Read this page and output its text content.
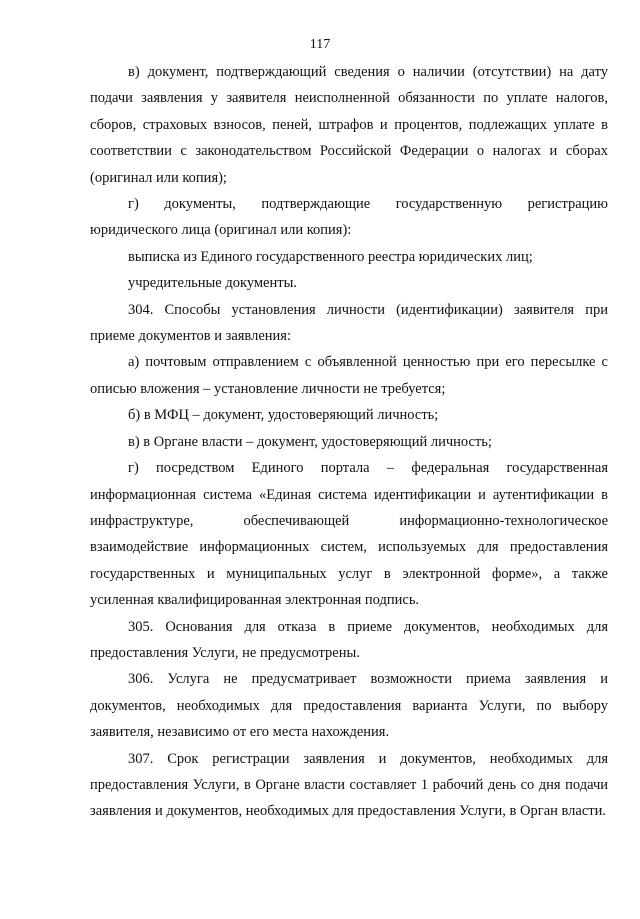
117

в) документ, подтверждающий сведения о наличии (отсутствии) на дату подачи заявления у заявителя неисполненной обязанности по уплате налогов, сборов, страховых взносов, пеней, штрафов и процентов, подлежащих уплате в соответствии с законодательством Российской Федерации о налогах и сборах (оригинал или копия);

г) документы, подтверждающие государственную регистрацию юридического лица (оригинал или копия):

выписка из Единого государственного реестра юридических лиц;

учредительные документы.

304. Способы установления личности (идентификации) заявителя при приеме документов и заявления:

а) почтовым отправлением с объявленной ценностью при его пересылке с описью вложения – установление личности не требуется;

б) в МФЦ – документ, удостоверяющий личность;

в) в Органе власти – документ, удостоверяющий личность;

г) посредством Единого портала – федеральная государственная информационная система «Единая система идентификации и аутентификации в инфраструктуре, обеспечивающей информационно-технологическое взаимодействие информационных систем, используемых для предоставления государственных и муниципальных услуг в электронной форме», а также усиленная квалифицированная электронная подпись.

305. Основания для отказа в приеме документов, необходимых для предоставления Услуги, не предусмотрены.

306. Услуга не предусматривает возможности приема заявления и документов, необходимых для предоставления варианта Услуги, по выбору заявителя, независимо от его места нахождения.

307. Срок регистрации заявления и документов, необходимых для предоставления Услуги, в Органе власти составляет 1 рабочий день со дня подачи заявления и документов, необходимых для предоставления Услуги, в Орган власти.
